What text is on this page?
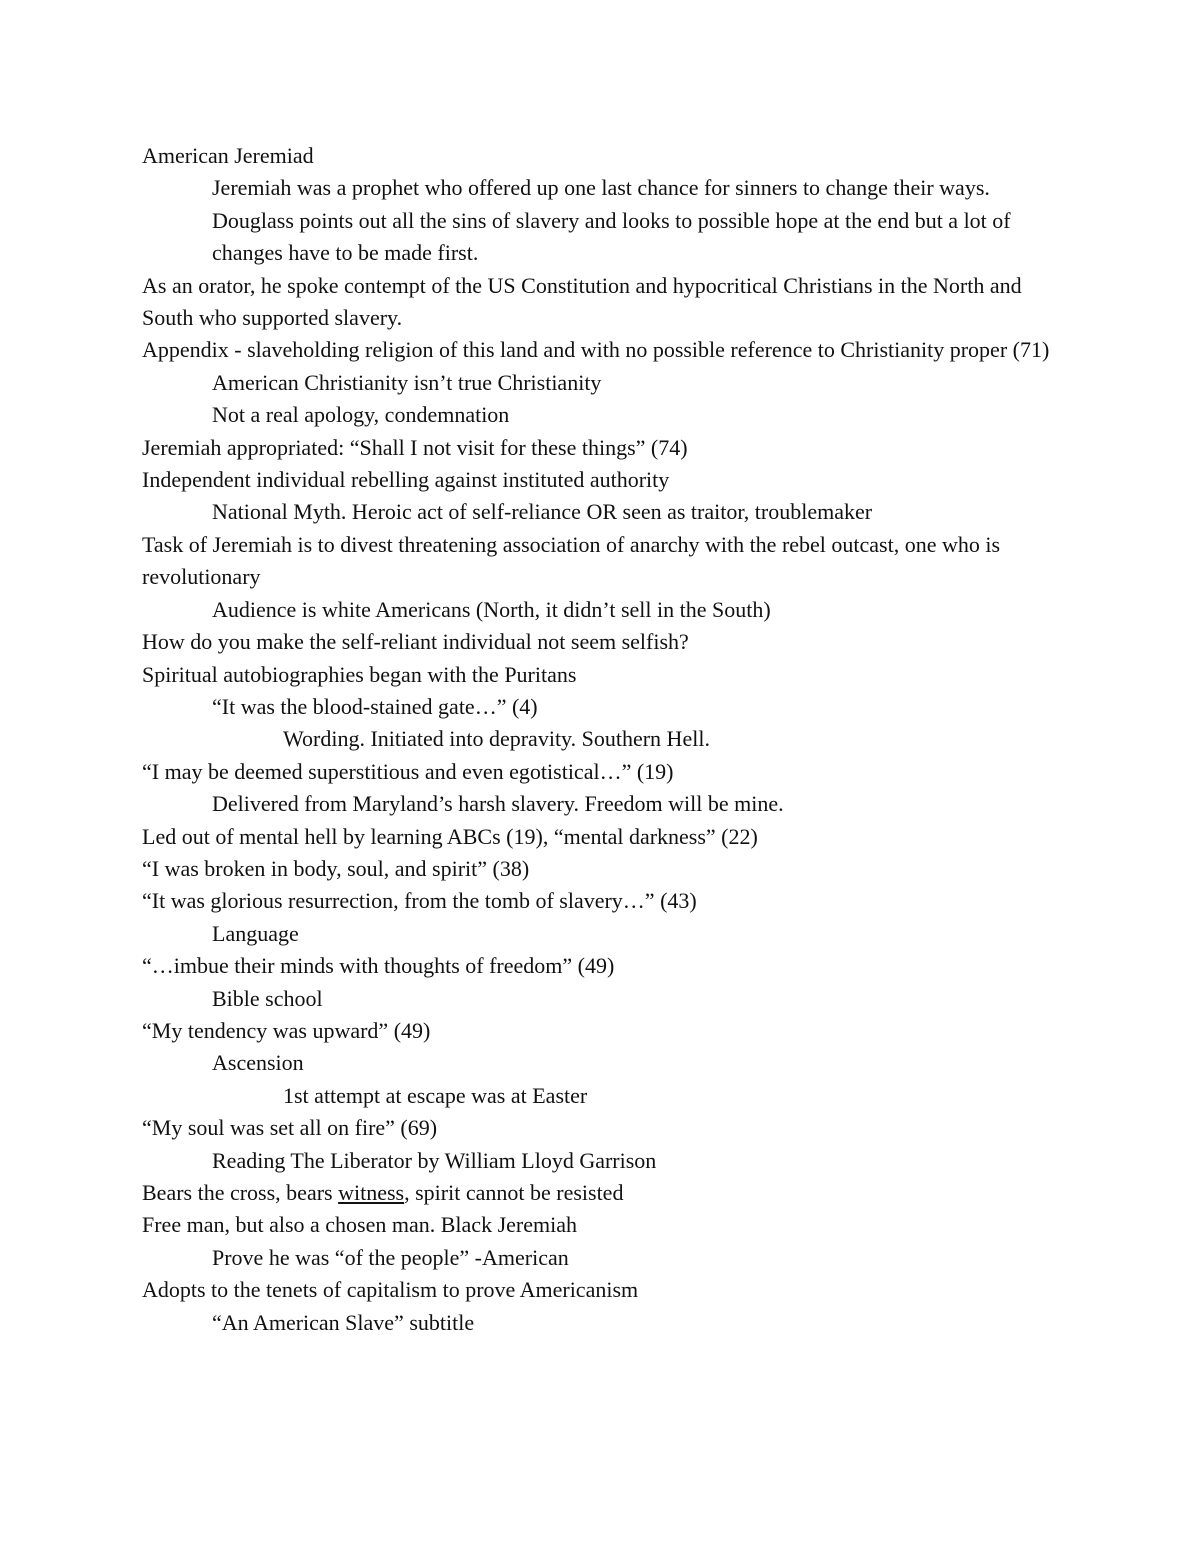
American Jeremiad
Jeremiah was a prophet who offered up one last chance for sinners to change their ways.
Douglass points out all the sins of slavery and looks to possible hope at the end but a lot of changes have to be made first.
As an orator, he spoke contempt of the US Constitution and hypocritical Christians in the North and South who supported slavery.
Appendix - slaveholding religion of this land and with no possible reference to Christianity proper (71)
American Christianity isn’t true Christianity
Not a real apology, condemnation
Jeremiah appropriated: “Shall I not visit for these things” (74)
Independent individual rebelling against instituted authority
National Myth. Heroic act of self-reliance OR seen as traitor, troublemaker
Task of Jeremiah is to divest threatening association of anarchy with the rebel outcast, one who is revolutionary
Audience is white Americans (North, it didn’t sell in the South)
How do you make the self-reliant individual not seem selfish?
Spiritual autobiographies began with the Puritans
“It was the blood-stained gate…” (4)
Wording. Initiated into depravity. Southern Hell.
“I may be deemed superstitious and even egotistical…” (19)
Delivered from Maryland’s harsh slavery. Freedom will be mine.
Led out of mental hell by learning ABCs (19), “mental darkness” (22)
“I was broken in body, soul, and spirit” (38)
“It was glorious resurrection, from the tomb of slavery…” (43)
Language
“…imbue their minds with thoughts of freedom” (49)
Bible school
“My tendency was upward” (49)
Ascension
1st attempt at escape was at Easter
“My soul was set all on fire” (69)
Reading The Liberator by William Lloyd Garrison
Bears the cross, bears witness, spirit cannot be resisted
Free man, but also a chosen man. Black Jeremiah
Prove he was “of the people” -American
Adopts to the tenets of capitalism to prove Americanism
“An American Slave” subtitle
